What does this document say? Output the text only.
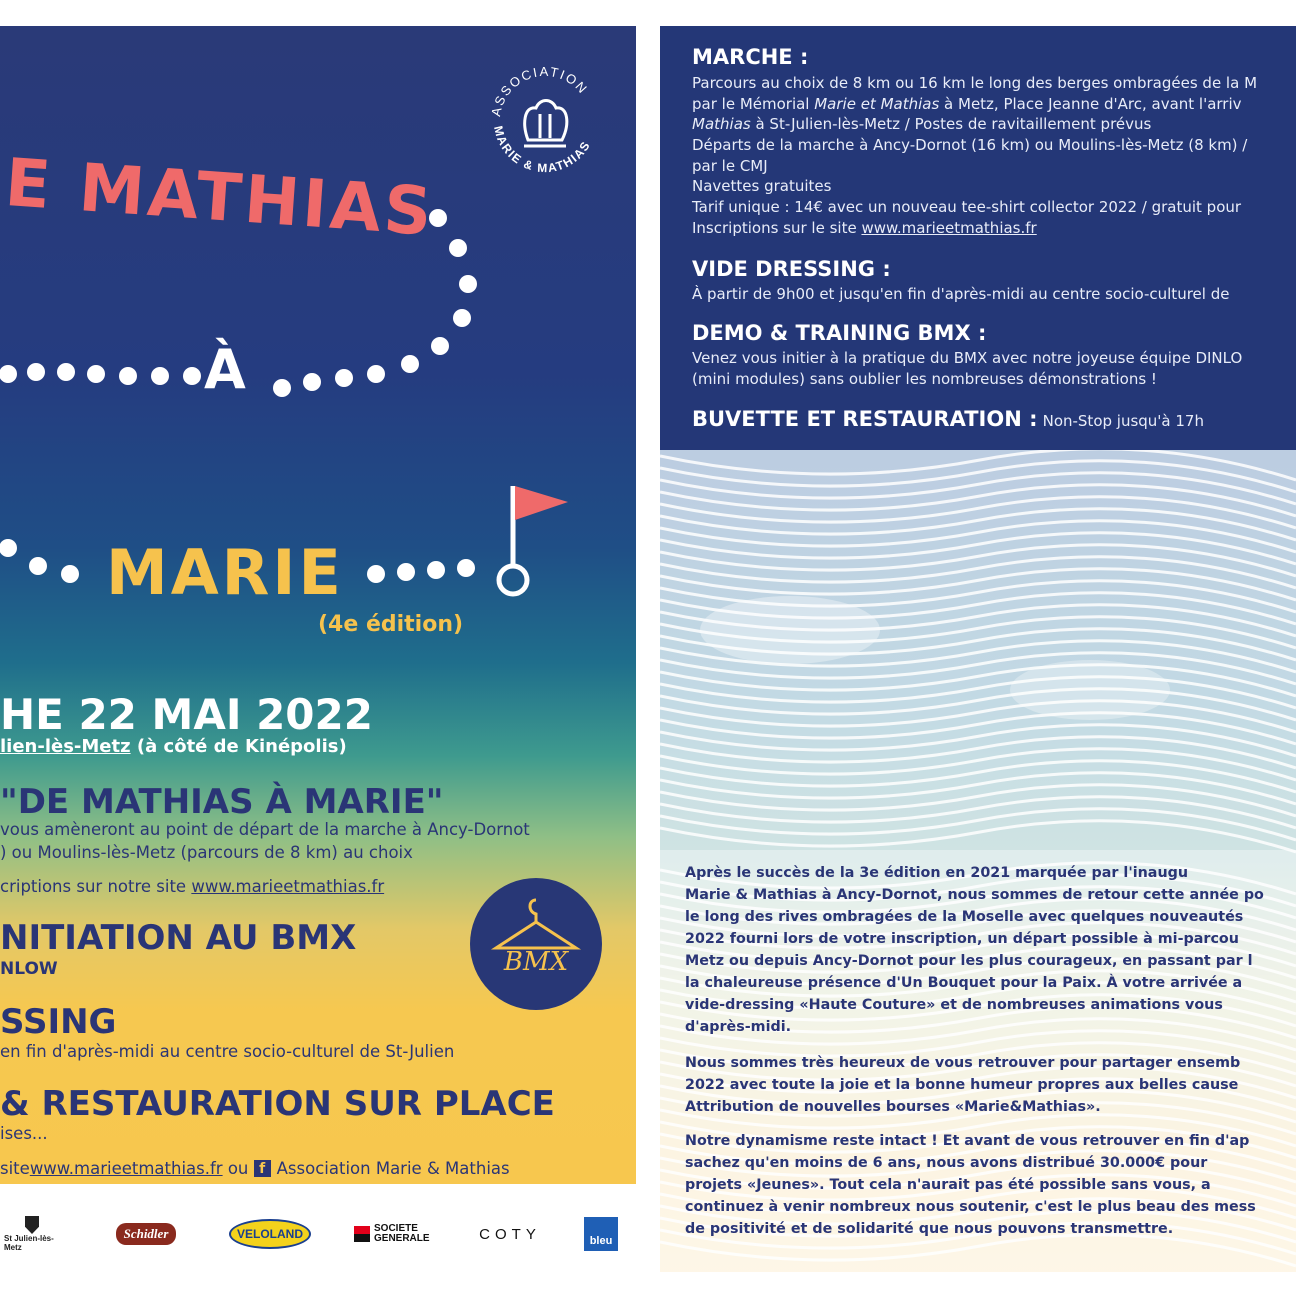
ASSOCIATION
MARIE & MATHIAS
E MATHIAS
À
MARIE
(4e édition)
HE 22 MAI 2022
lien-lès-Metz (à côté de Kinépolis)
"DE MATHIAS À MARIE"
vous amèneront au point de départ de la marche à Ancy-Dornot
) ou Moulins-lès-Metz (parcours de 8 km) au choix
criptions sur notre site www.marieetmathias.fr
NITIATION AU BMX
NLOW	BMX
SSING
en fin d'après-midi au centre socio-culturel de St-Julien
& RESTAURATION SUR PLACE
ises...
site www.marieetmathias.fr ou f Association Marie & Mathias
St Julien-lès-Metz
Schidler	VELOLAND	SOCIETE GENERALE	COTY	bleu
MARCHE :
Parcours au choix de 8 km ou 16 km le long des berges ombragées de la M
par le Mémorial Marie et Mathias à Metz, Place Jeanne d'Arc, avant l'arriv
Mathias à St-Julien-lès-Metz / Postes de ravitaillement prévus
Départs de la marche à Ancy-Dornot (16 km) ou Moulins-lès-Metz (8 km) /
par le CMJ
Navettes gratuites
Tarif unique : 14€ avec un nouveau tee-shirt collector 2022 / gratuit pour
Inscriptions sur le site www.marieetmathias.fr
VIDE DRESSING :
À partir de 9h00 et jusqu'en fin d'après-midi au centre socio-culturel de
DEMO & TRAINING BMX :
Venez vous initier à la pratique du BMX avec notre joyeuse équipe DINLO
(mini modules) sans oublier les nombreuses démonstrations !
BUVETTE ET RESTAURATION : Non-Stop jusqu'à 17h
Après le succès de la 3e édition en 2021 marquée par l'inaugu
Marie & Mathias à Ancy-Dornot, nous sommes de retour cette année po
le long des rives ombragées de la Moselle avec quelques nouveautés
2022 fourni lors de votre inscription, un départ possible à mi-parcou
Metz ou depuis Ancy-Dornot pour les plus courageux, en passant par l
la chaleureuse présence d'Un Bouquet pour la Paix. À votre arrivée a
vide-dressing «Haute Couture» et de nombreuses animations vous
d'après-midi.
Nous sommes très heureux de vous retrouver pour partager ensemb
2022 avec toute la joie et la bonne humeur propres aux belles cause
Attribution de nouvelles bourses «Marie&Mathias».
Notre dynamisme reste intact ! Et avant de vous retrouver en fin d'ap
sachez qu'en moins de 6 ans, nous avons distribué 30.000€ pour
projets «Jeunes». Tout cela n'aurait pas été possible sans vous, a
continuez à venir nombreux nous soutenir, c'est le plus beau des mess
de positivité et de solidarité que nous pouvons transmettre.
